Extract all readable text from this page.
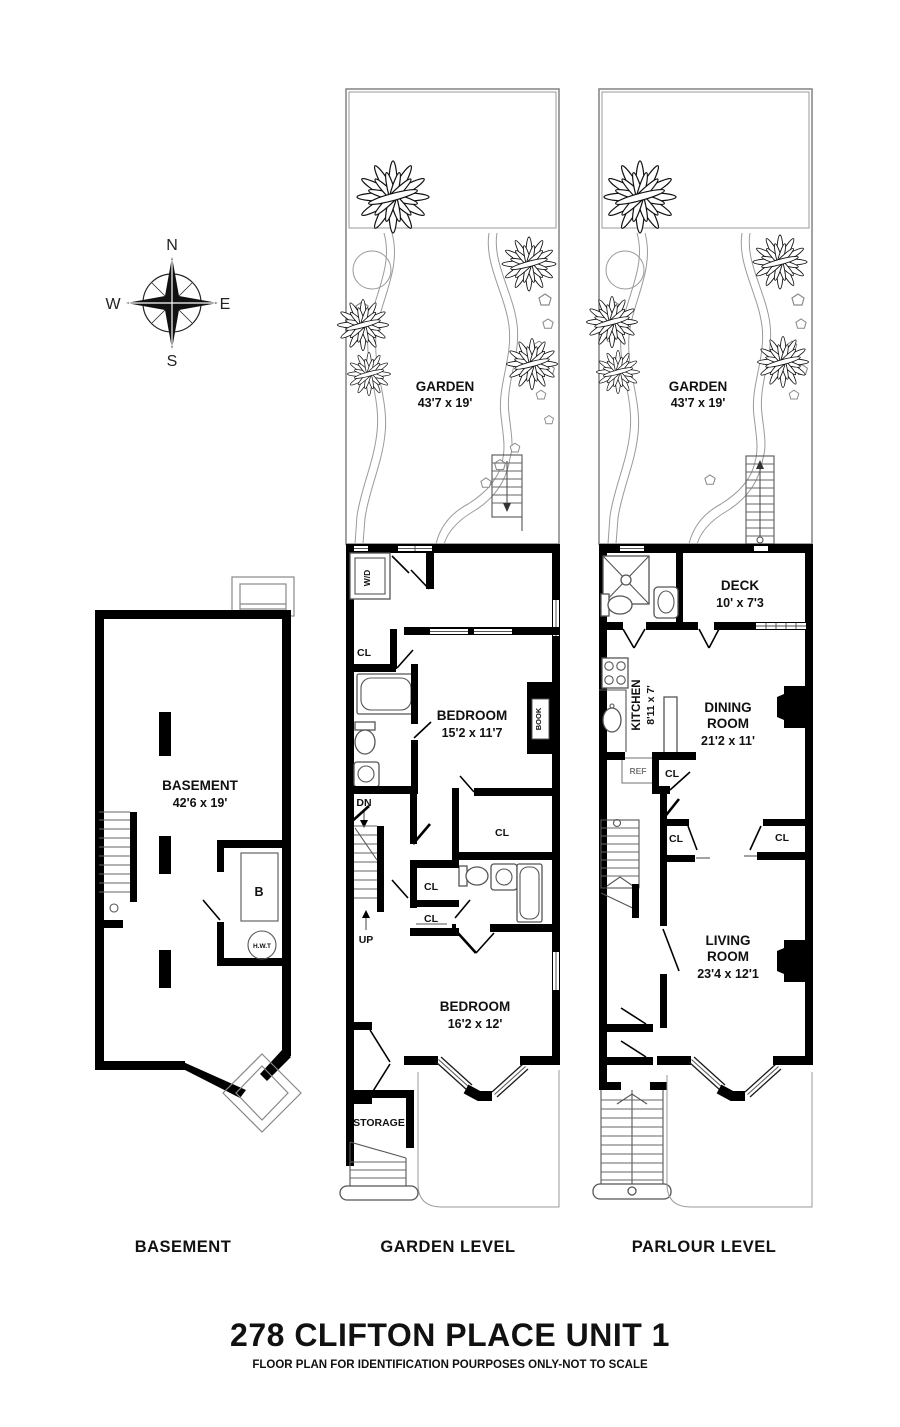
N
E
S
W
B
H.W.T
BASEMENT
42'6 x 19'
GARDEN
43'7 x 19'
W/D
CL
BEDROOM
15'2 x 11'7
BOOK
DN
UP
CL
CL
CL
BEDROOM
16'2 x 12'
STORAGE
GARDEN
43'7 x 19'
DECK
10' x 7'3
KITCHEN 8'11 x 7'
REF CL
DINING
ROOM
21'2 x 11'
CL	CL
LIVING
ROOM
23'4 x 12'1
BASEMENT	GARDEN LEVEL	PARLOUR LEVEL
278 CLIFTON PLACE UNIT 1
FLOOR PLAN FOR IDENTIFICATION POURPOSES ONLY-NOT TO SCALE
